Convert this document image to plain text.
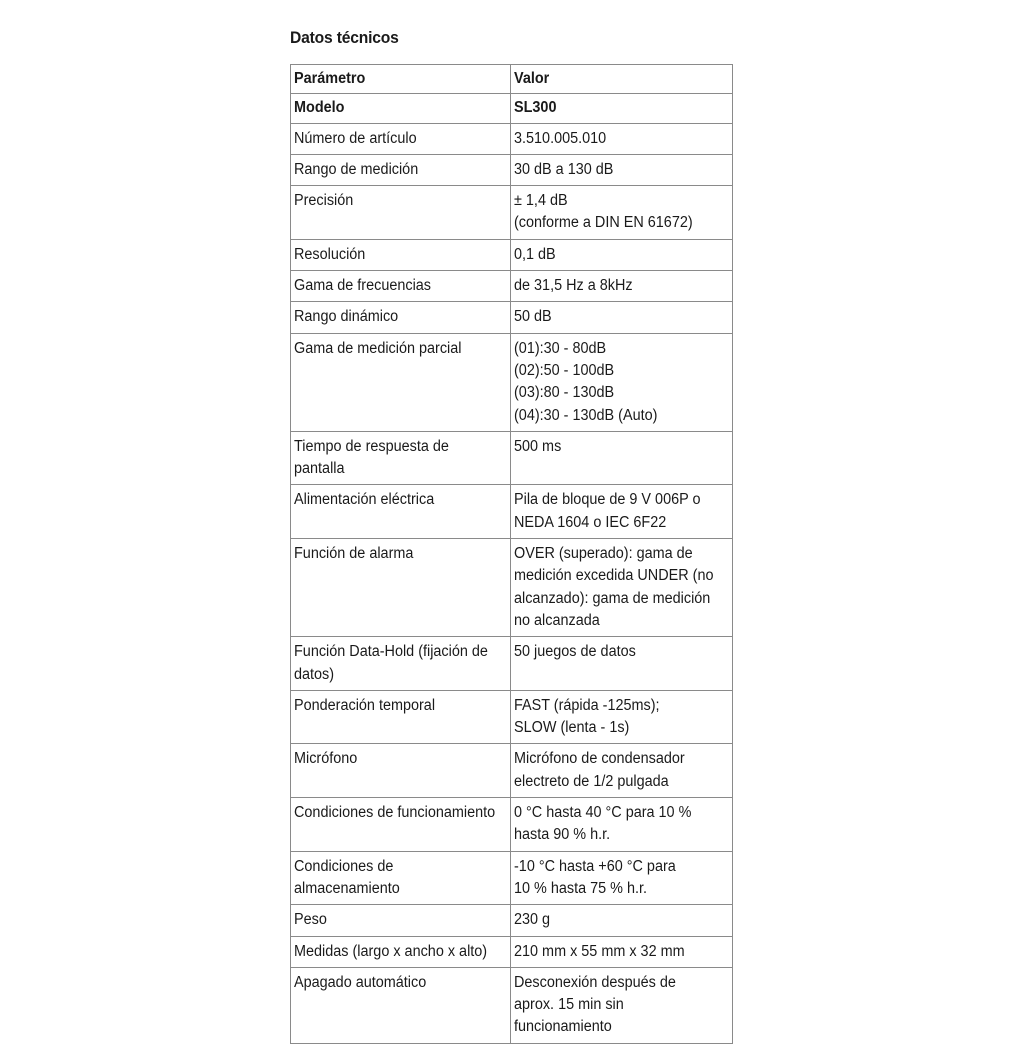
Datos técnicos
Parámetro	Valor

Modelo	SL300

Número de artículo	3.510.005.010

Rango de medición	30 dB a 130 dB

Precisión	± 1,4 dB
(conforme a DIN EN 61672)

Resolución	0,1 dB

Gama de frecuencias	de 31,5 Hz a 8kHz

Rango dinámico	50 dB

Gama de medición parcial	(01):30 - 80dB
(02):50 - 100dB
(03):80 - 130dB
(04):30 - 130dB (Auto)

Tiempo de respuesta de
pantalla	500 ms

Alimentación eléctrica	Pila de bloque de 9 V 006P o
NEDA 1604 o IEC 6F22

Función de alarma	OVER (superado): gama de
medición excedida UNDER (no
alcanzado): gama de medición
no alcanzada

Función Data-Hold (fijación de
datos)	50 juegos de datos

Ponderación temporal	FAST (rápida -125ms);
SLOW (lenta - 1s)

Micrófono	Micrófono de condensador
electreto de 1/2 pulgada

Condiciones de funcionamiento	0 °C hasta 40 °C para 10 %
hasta 90 % h.r.

Condiciones de
almacenamiento	-10 °C hasta +60 °C para
10 % hasta 75 % h.r.

Peso	230 g

Medidas (largo x ancho x alto)	210 mm x 55 mm x 32 mm

Apagado automático	Desconexión después de
aprox. 15 min sin
funcionamiento
